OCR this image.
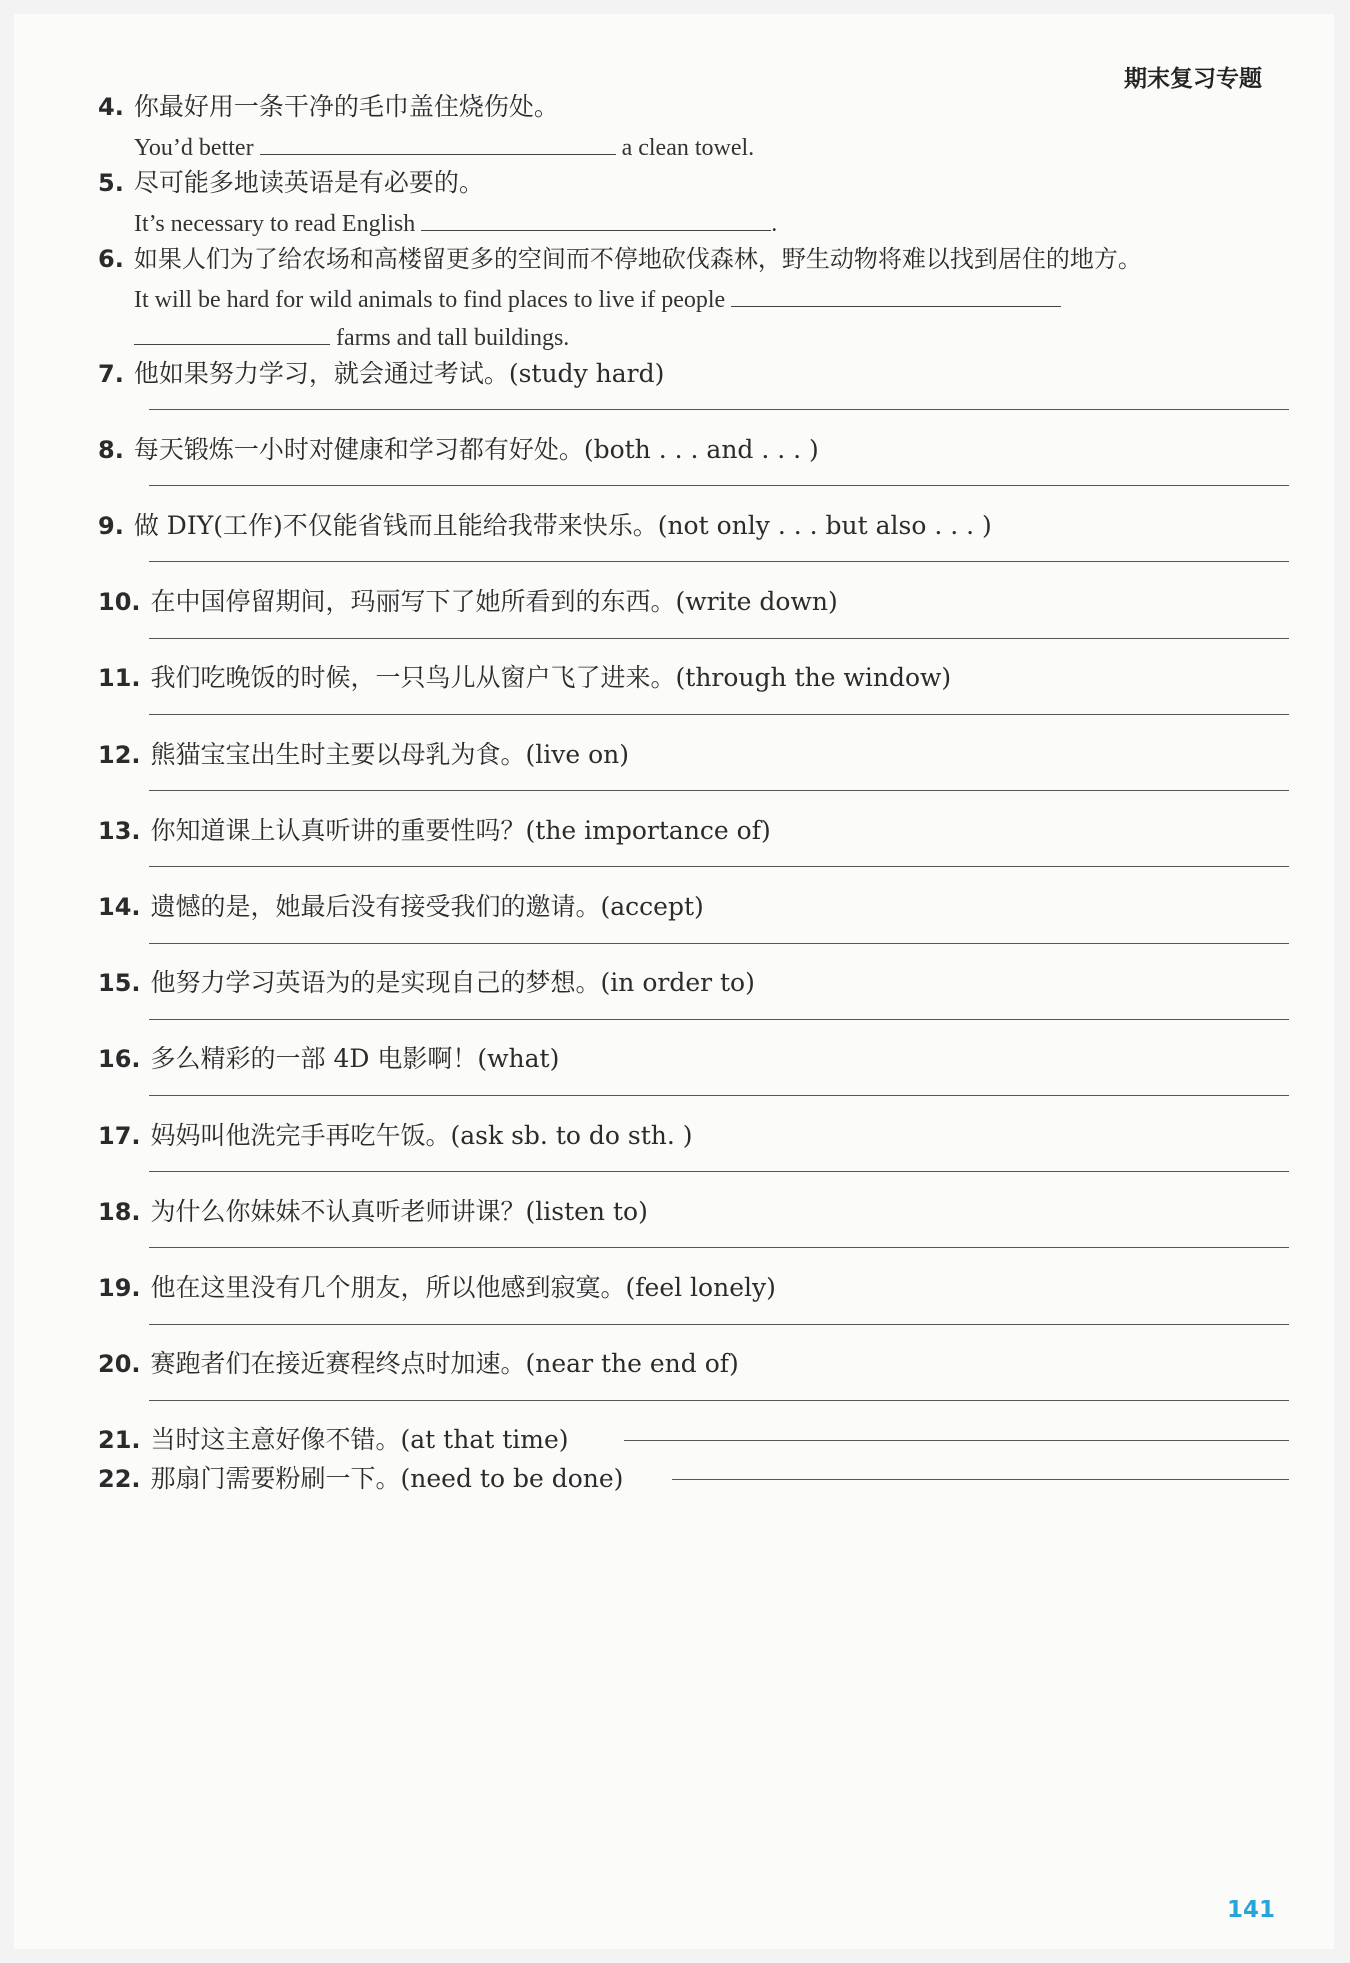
期末复习专题
4. 你最好用一条干净的毛巾盖住烧伤处。
You’d better	a clean towel.
5. 尽可能多地读英语是有必要的。
It’s necessary to read English	.
6. 如果人们为了给农场和高楼留更多的空间而不停地砍伐森林，野生动物将难以找到居住的地方。
It will be hard for wild animals to find places to live if people
farms and tall buildings.
7. 他如果努力学习，就会通过考试。(study hard)
8. 每天锻炼一小时对健康和学习都有好处。(both . . . and . . . )
9. 做 DIY(工作)不仅能省钱而且能给我带来快乐。(not only . . . but also . . . )
10. 在中国停留期间，玛丽写下了她所看到的东西。(write down)
11. 我们吃晚饭的时候，一只鸟儿从窗户飞了进来。(through the window)
12. 熊猫宝宝出生时主要以母乳为食。(live on)
13. 你知道课上认真听讲的重要性吗？(the importance of)
14. 遗憾的是，她最后没有接受我们的邀请。(accept)
15. 他努力学习英语为的是实现自己的梦想。(in order to)
16. 多么精彩的一部 4D 电影啊！(what)
17. 妈妈叫他洗完手再吃午饭。(ask sb. to do sth. )
18. 为什么你妹妹不认真听老师讲课？(listen to)
19. 他在这里没有几个朋友，所以他感到寂寞。(feel lonely)
20. 赛跑者们在接近赛程终点时加速。(near the end of)
21. 当时这主意好像不错。(at that time)
22. 那扇门需要粉刷一下。(need to be done)
141
